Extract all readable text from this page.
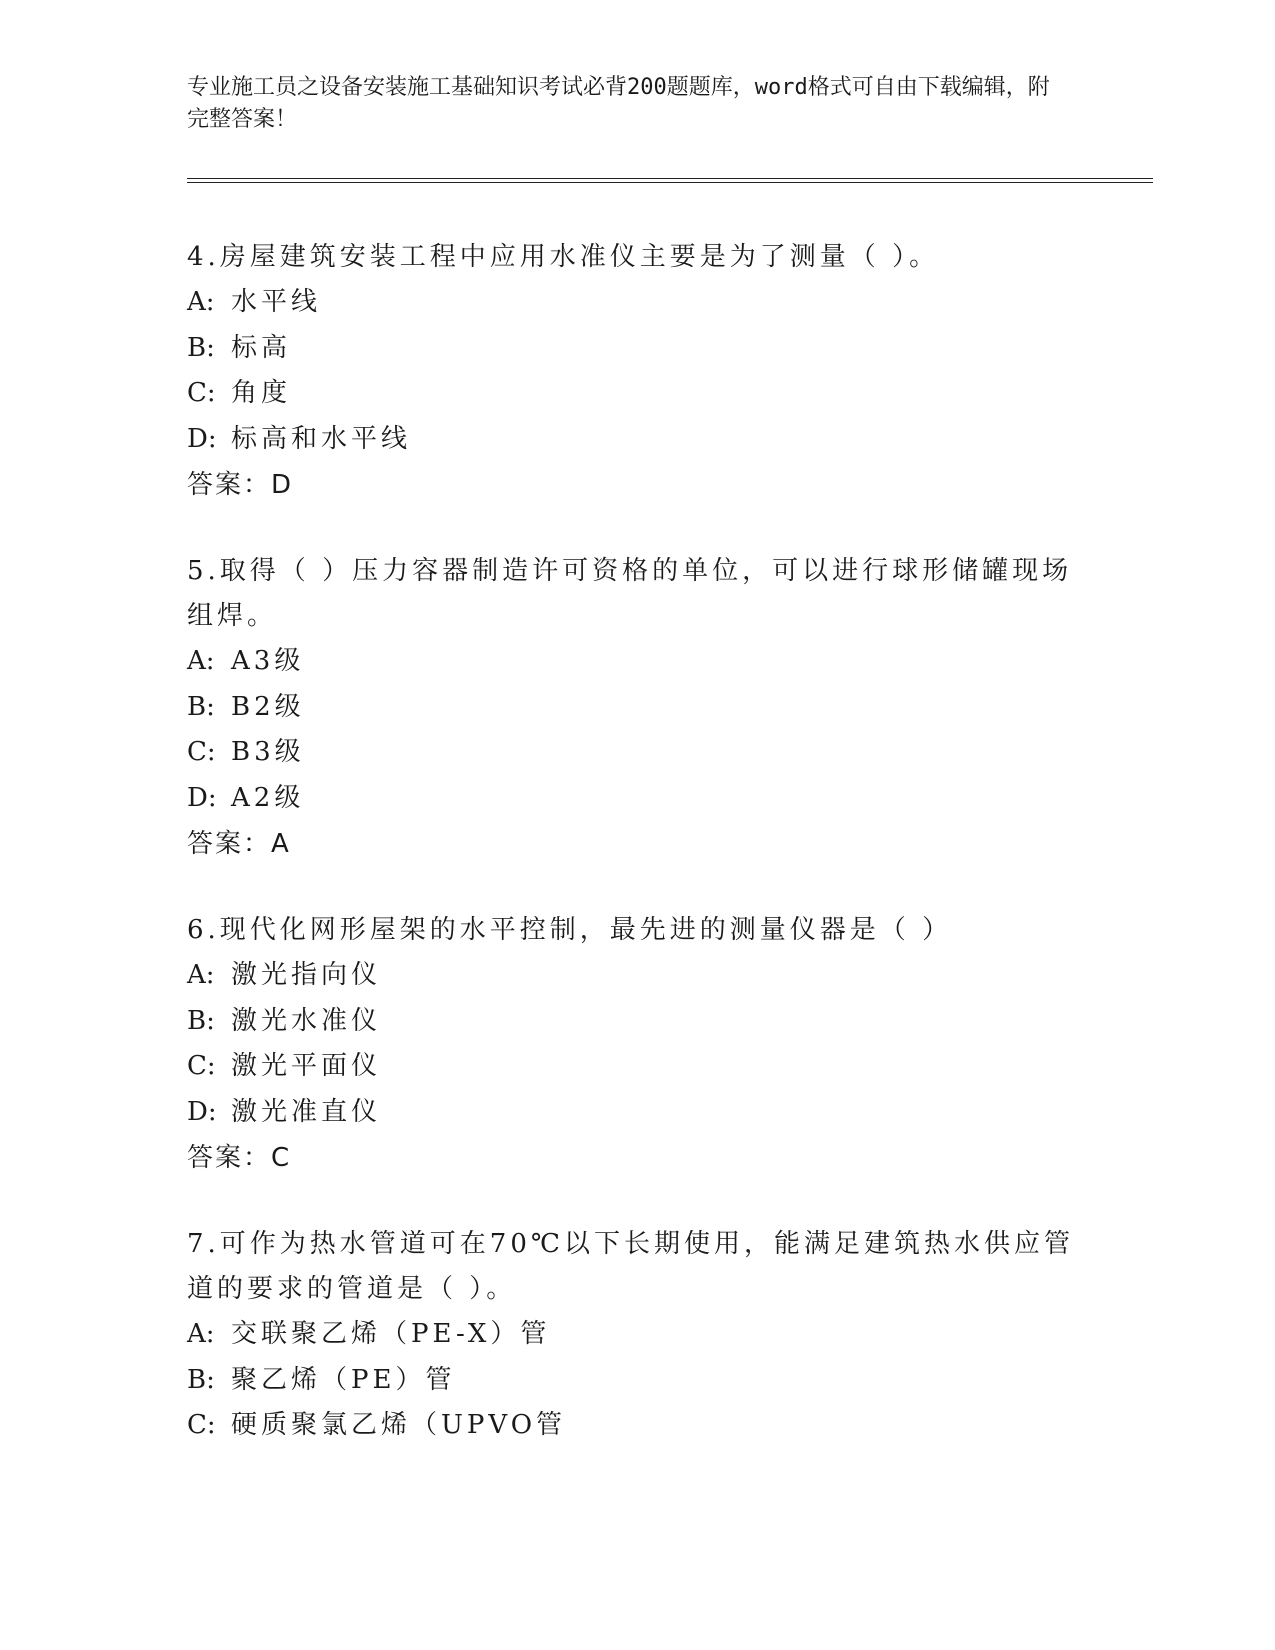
专业施工员之设备安装施工基础知识考试必背200题题库，word格式可自由下载编辑，附完整答案！
4.房屋建筑安装工程中应用水准仪主要是为了测量（ ）。
A: 水平线
B: 标高
C: 角度
D: 标高和水平线
答案：D
5.取得（ ）压力容器制造许可资格的单位，可以进行球形储罐现场组焊。
A: A3级
B: B2级
C: B3级
D: A2级
答案：A
6.现代化网形屋架的水平控制，最先进的测量仪器是（ ）
A: 激光指向仪
B: 激光水准仪
C: 激光平面仪
D: 激光准直仪
答案：C
7.可作为热水管道可在70℃以下长期使用，能满足建筑热水供应管道的要求的管道是（ ）。
A: 交联聚乙烯（PE-X）管
B: 聚乙烯（PE）管
C: 硬质聚氯乙烯（UPVO管
